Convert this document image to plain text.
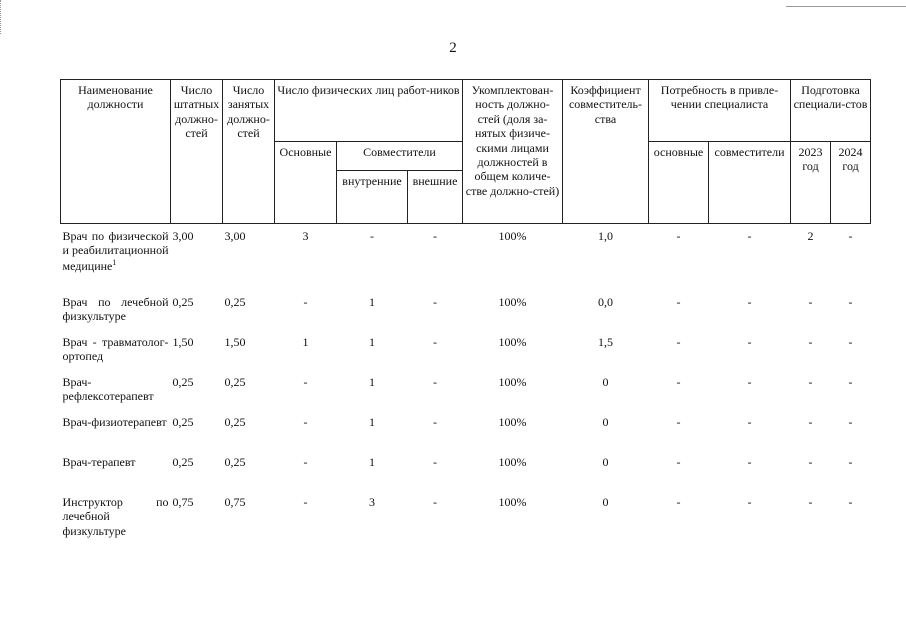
2
Наименование должности	Число штатных должно-стей	Число занятых должно-стей	Число физических лиц работ-ников			Укомплектован-ность должно-стей (доля за-нятых физиче-скими лицами должностей в общем количе-стве должно-стей)	Коэффициент совместитель-ства	Потребность в привле-чении специалиста		Подготовка специали-стов	
			Основные	Совместители				основные	совместители	2023 год	2024 год
				внутренние	внешние						
Врач по физической и реабилитационной медицине$^1$	3,00	3,00	3	-	-	100%	1,0	-	-	2	-
Врач по лечебной физкультуре	0,25	0,25	-	1	-	100%	0,0	-	-	-	-
Врач - травматолог-ортопед	1,50	1,50	1	1	-	100%	1,5	-	-	-	-
Врач-рефлексотерапевт	0,25	0,25	-	1	-	100%	0	-	-	-	-
Врач-физиотерапевт	0,25	0,25	-	1	-	100%	0	-	-	-	-
Врач-терапевт	0,25	0,25	-	1	-	100%	0	-	-	-	-
Инструктор по лечебной физкультуре	0,75	0,75	-	3	-	100%	0	-	-	-	-
